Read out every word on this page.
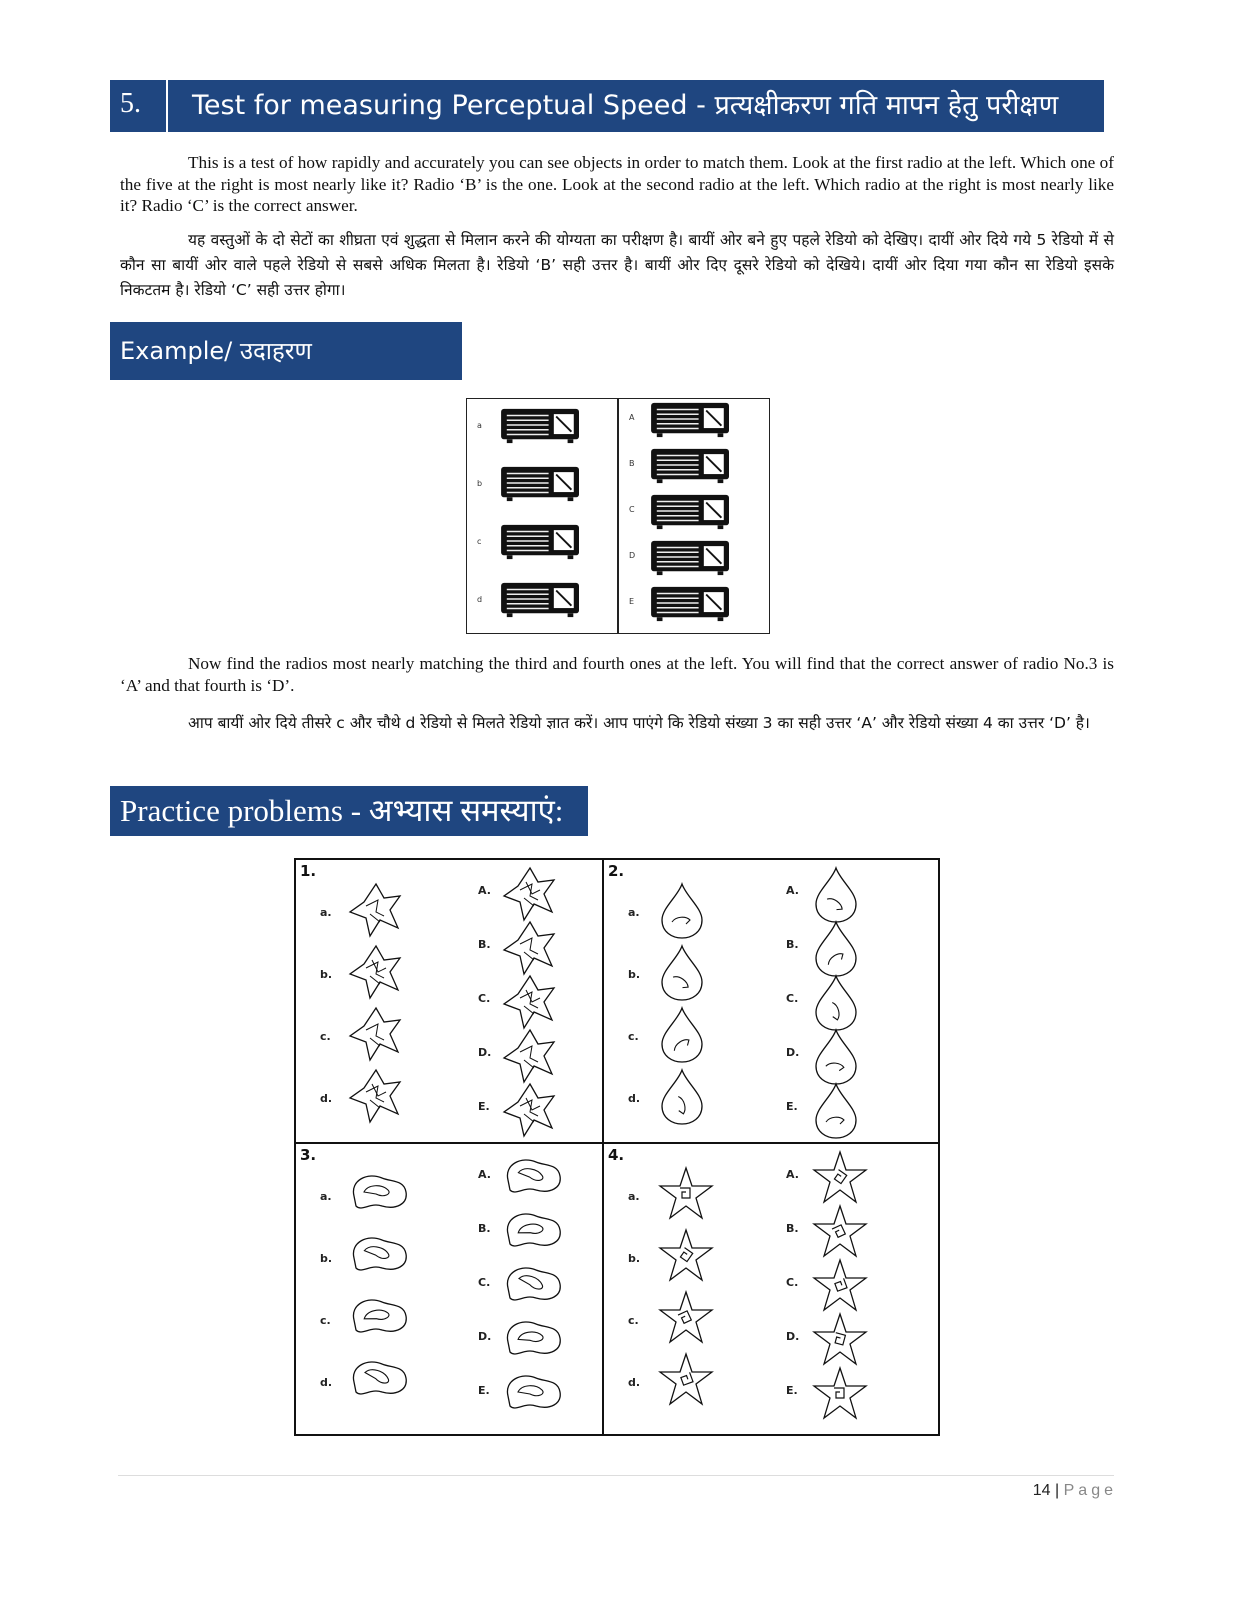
5.	Test for measuring Perceptual Speed - प्रत्यक्षीकरण गति मापन हेतु परीक्षण

This is a test of how rapidly and accurately you can see objects in order to match them. Look at the first radio at the left. Which one of the five at the right is most nearly like it? Radio ‘B’ is the one. Look at the second radio at the left. Which radio at the right is most nearly like it? Radio ‘C’ is the correct answer.

यह वस्तुओं के दो सेटों का शीघ्रता एवं शुद्धता से मिलान करने की योग्यता का परीक्षण है। बायीं ओर बने हुए पहले रेडियो को देखिए। दायीं ओर दिये गये 5 रेडियो में से कौन सा बायीं ओर वाले पहले रेडियो से सबसे अधिक मिलता है। रेडियो ‘B’ सही उत्तर है। बायीं ओर दिए दूसरे रेडियो को देखिये। दायीं ओर दिया गया कौन सा रेडियो इसके निकटतम है। रेडियो ‘C’ सही उत्तर होगा।

Example/ उदाहरण
a
b
c
d
A
B
C
D
E

Now find the radios most nearly matching the third and fourth ones at the left. You will find that the correct answer of radio No.3 is ‘A’ and that fourth is ‘D’.

आप बायीं ओर दिये तीसरे c और चौथे d रेडियो से मिलते रेडियो ज्ञात करें। आप पाएंगे कि रेडियो संख्या 3 का सही उत्तर ‘A’ और रेडियो संख्या 4 का उत्तर ‘D’ है।

Practice problems - अभ्यास समस्याएं:
1.
a.
b.
c.
d.
A.
B.
C.
D.
E.
2.
a.
b.
c.
d.
A.
B.
C.
D.
E.
3.
a.
b.
c.
d.
A.
B.
C.
D.
E.
4.
a.
b.
c.
d.
A.
B.
C.
D.
E.
14 | Page
